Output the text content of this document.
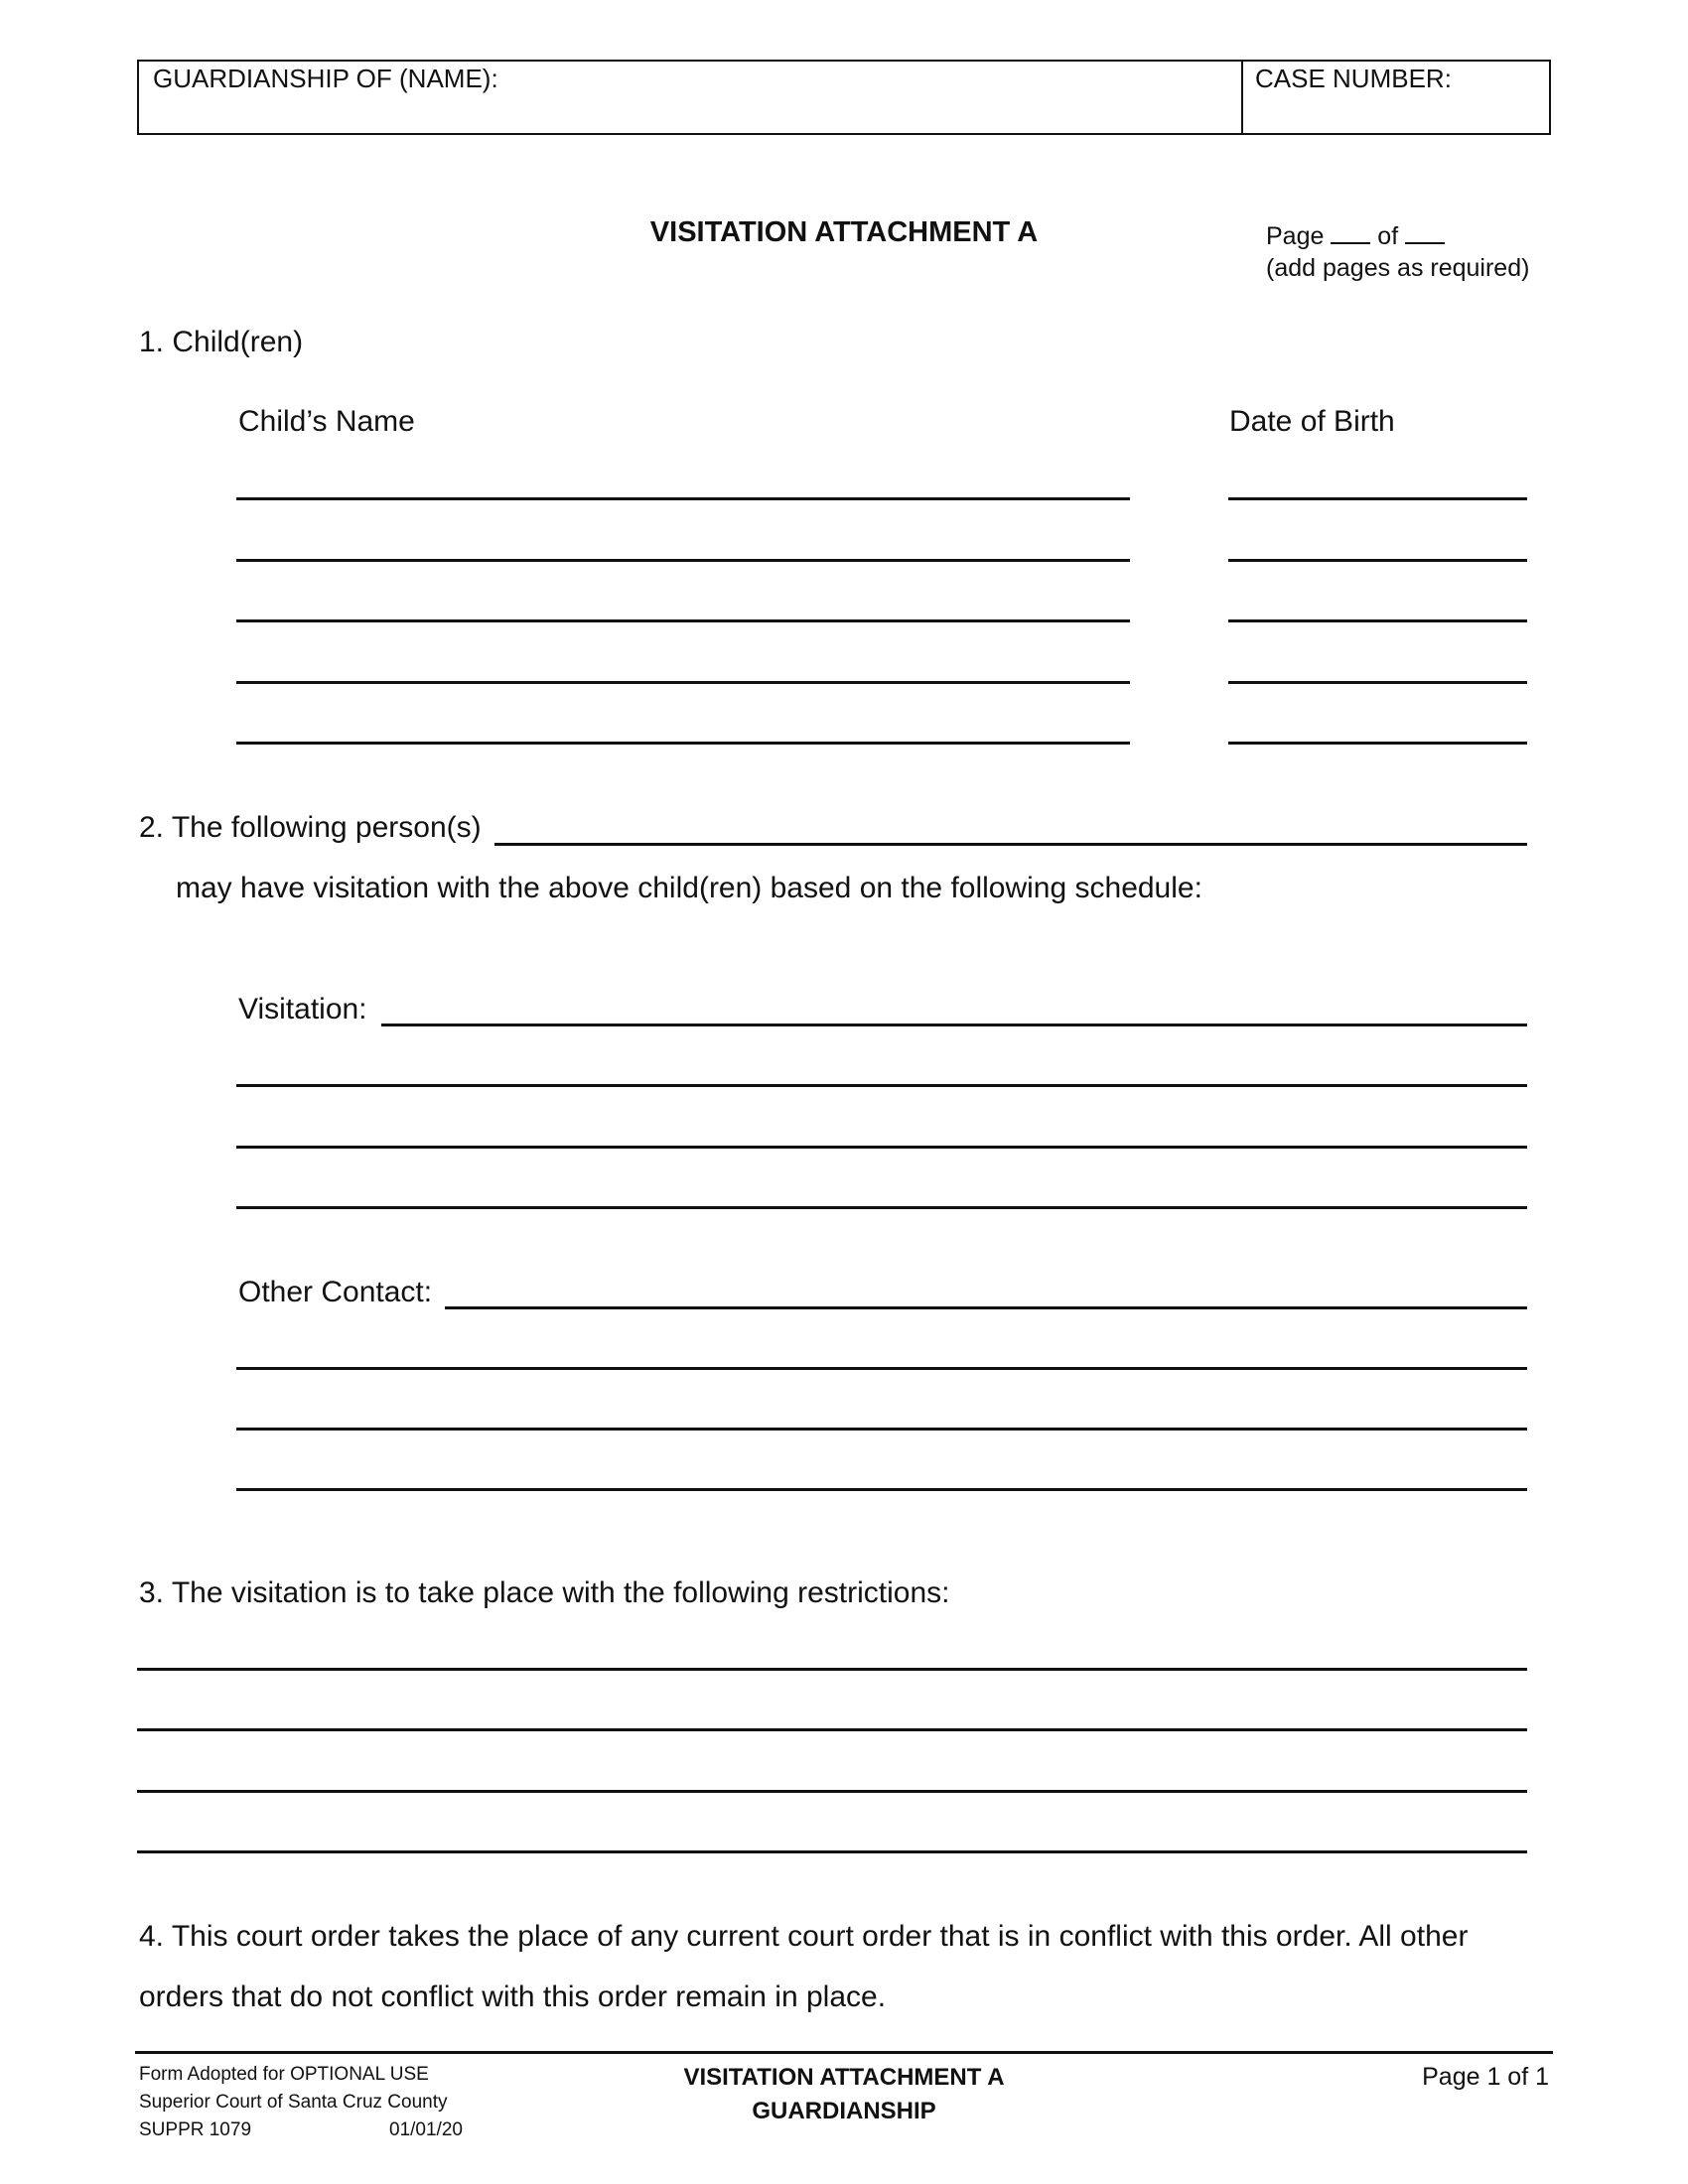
GUARDIANSHIP OF (NAME):	CASE NUMBER:
VISITATION ATTACHMENT A	Page of
(add pages as required)
1. Child(ren)
Child’s Name	Date of Birth
2. The following person(s)
may have visitation with the above child(ren) based on the following schedule:
Visitation:
Other Contact:
3. The visitation is to take place with the following restrictions:
4. This court order takes the place of any current court order that is in conflict with this order. All other
orders that do not conflict with this order remain in place.
Form Adopted for OPTIONAL USE
Superior Court of Santa Cruz County
SUPPR 1079	01/01/20
VISITATION ATTACHMENT A
GUARDIANSHIP
Page 1 of 1
